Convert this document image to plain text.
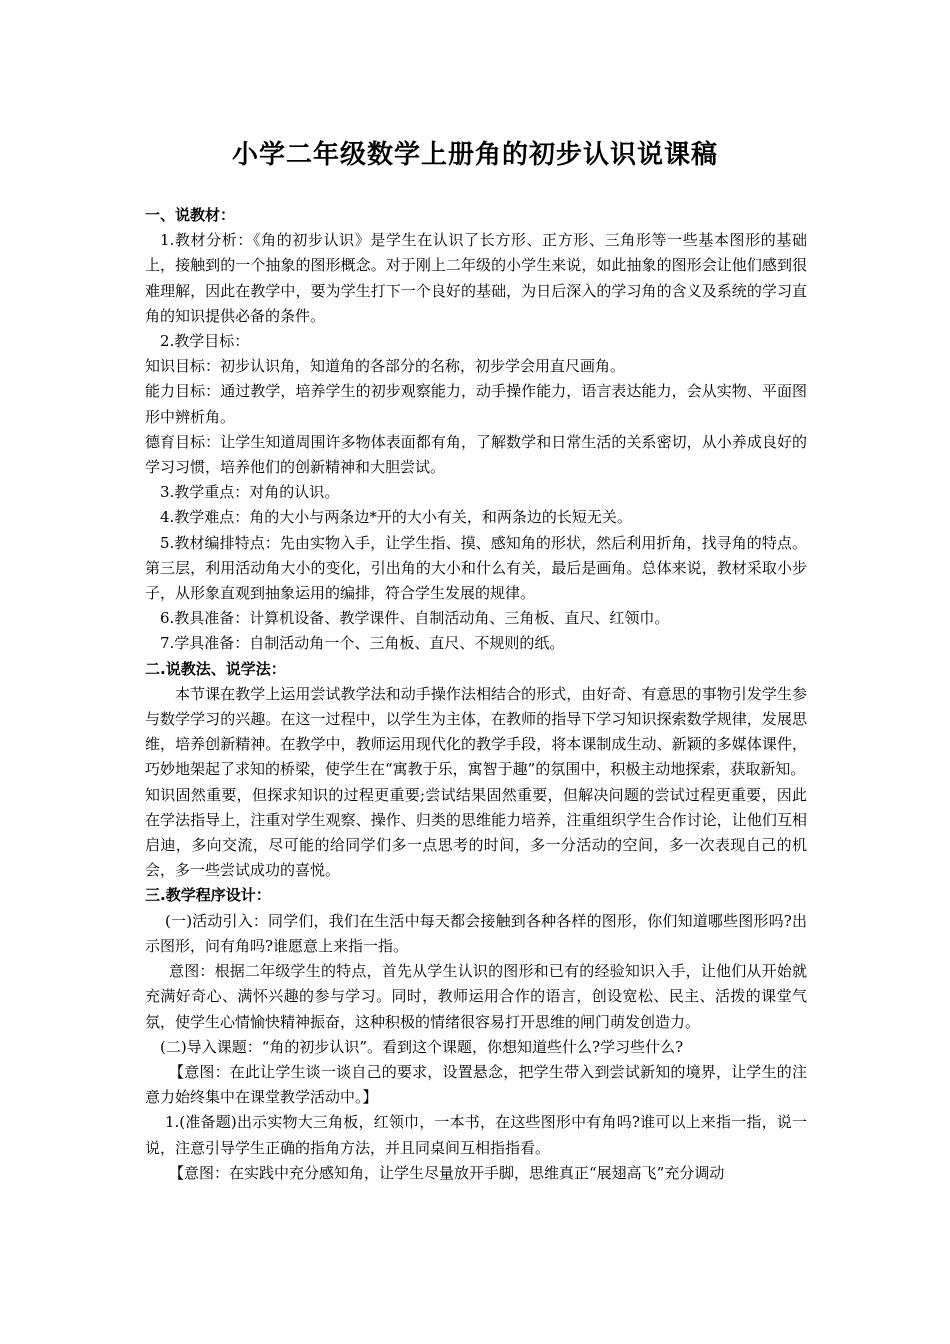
小学二年级数学上册角的初步认识说课稿

一、说教材：

1.教材分析：《角的初步认识》是学生在认识了长方形、正方形、三角形等一些基本图形的基础上，接触到的一个抽象的图形概念。对于刚上二年级的小学生来说，如此抽象的图形会让他们感到很难理解，因此在教学中，要为学生打下一个良好的基础，为日后深入的学习角的含义及系统的学习直角的知识提供必备的条件。

2.教学目标：

知识目标：初步认识角，知道角的各部分的名称，初步学会用直尺画角。

能力目标：通过教学，培养学生的初步观察能力，动手操作能力，语言表达能力，会从实物、平面图形中辨析角。

德育目标：让学生知道周围许多物体表面都有角，了解数学和日常生活的关系密切，从小养成良好的学习习惯，培养他们的创新精神和大胆尝试。

3.教学重点：对角的认识。

4.教学难点：角的大小与两条边*开的大小有关，和两条边的长短无关。

5.教材编排特点：先由实物入手，让学生指、摸、感知角的形状，然后利用折角，找寻角的特点。第三层，利用活动角大小的变化，引出角的大小和什么有关，最后是画角。总体来说，教材采取小步子，从形象直观到抽象运用的编排，符合学生发展的规律。

6.教具准备：计算机设备、教学课件、自制活动角、三角板、直尺、红领巾。

7.学具准备：自制活动角一个、三角板、直尺、不规则的纸。

二.说教法、说学法：

本节课在教学上运用尝试教学法和动手操作法相结合的形式，由好奇、有意思的事物引发学生参与数学学习的兴趣。在这一过程中，以学生为主体，在教师的指导下学习知识探索数学规律，发展思维，培养创新精神。在教学中，教师运用现代化的教学手段，将本课制成生动、新颖的多媒体课件，巧妙地架起了求知的桥梁，使学生在“寓教于乐，寓智于趣”的氛围中，积极主动地探索，获取新知。

知识固然重要，但探求知识的过程更重要;尝试结果固然重要，但解决问题的尝试过程更重要，因此在学法指导上，注重对学生观察、操作、归类的思维能力培养，注重组织学生合作讨论，让他们互相启迪，多向交流，尽可能的给同学们多一点思考的时间，多一分活动的空间，多一次表现自己的机会，多一些尝试成功的喜悦。

三.教学程序设计：

(一)活动引入：同学们，我们在生活中每天都会接触到各种各样的图形，你们知道哪些图形吗?出示图形，问有角吗?谁愿意上来指一指。

意图：根据二年级学生的特点，首先从学生认识的图形和已有的经验知识入手，让他们从开始就充满好奇心、满怀兴趣的参与学习。同时，教师运用合作的语言，创设宽松、民主、活拨的课堂气氛，使学生心情愉快精神振奋，这种积极的情绪很容易打开思维的闸门萌发创造力。

(二)导入课题：“角的初步认识”。看到这个课题，你想知道些什么?学习些什么?

【意图：在此让学生谈一谈自己的要求，设置悬念，把学生带入到尝试新知的境界，让学生的注意力始终集中在课堂教学活动中。】

1.(准备题)出示实物大三角板，红领巾，一本书，在这些图形中有角吗?谁可以上来指一指，说一说，注意引导学生正确的指角方法，并且同桌间互相指指看。

【意图：在实践中充分感知角，让学生尽量放开手脚，思维真正“展翅高飞”充分调动
